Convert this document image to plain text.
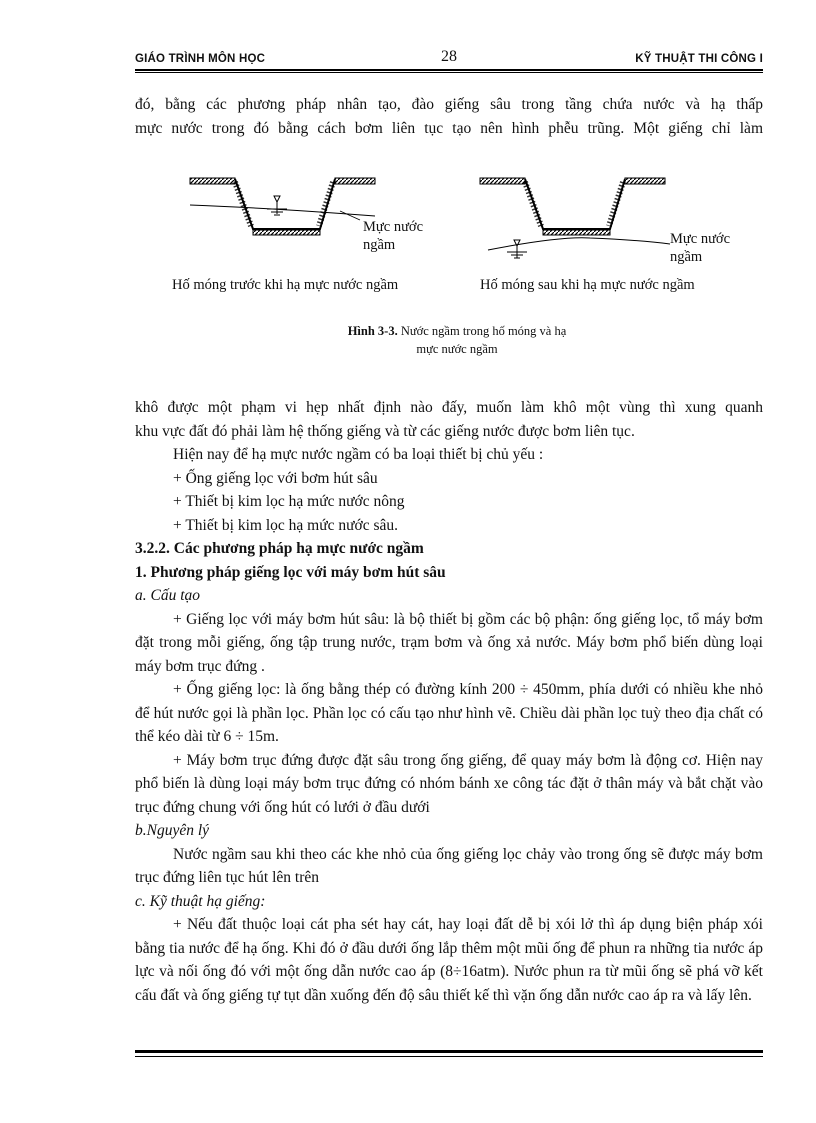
GIÁO TRÌNH MÔN HỌC	28	KỸ THUẬT THI CÔNG I

đó, bằng các phương pháp nhân tạo, đào giếng sâu trong tầng chứa nước và hạ thấp

mực nước trong đó bằng cách bơm liên tục tạo nên hình phễu trũng. Một giếng chỉ làm

Mực nước
ngầm	Mực nước
ngầm
Hố móng trước khi hạ mực nước ngầm	Hố móng sau khi hạ mực nước ngầm
Hình 3-3. Nước ngầm trong hố móng và hạ
mực nước ngầm

khô được một phạm vi hẹp nhất định nào đấy, muốn làm khô một vùng thì xung quanh

khu vực đất đó phải làm hệ thống giếng và từ các giếng nước được bơm liên tục.

Hiện nay để hạ mực nước ngầm có ba loại thiết bị chủ yếu :

+ Ống giếng lọc với bơm hút sâu

+ Thiết bị kim lọc hạ mức nước nông

+ Thiết bị kim lọc hạ mức nước sâu.

3.2.2. Các phương pháp hạ mực nước ngầm

1. Phương pháp giếng lọc với máy bơm hút sâu

a. Cấu tạo

+ Giếng lọc với máy bơm hút sâu: là bộ thiết bị gồm các bộ phận: ống giếng lọc, tổ máy bơm đặt trong mỗi giếng, ống tập trung nước, trạm bơm và ống xả nước. Máy bơm phổ biến dùng loại máy bơm trục đứng .

+ Ống giếng lọc: là ống bằng thép có đường kính 200 ÷ 450mm, phía dưới có nhiều khe nhỏ để hút nước gọi là phần lọc. Phần lọc có cấu tạo như hình vẽ. Chiều dài phần lọc tuỳ theo địa chất có thể kéo dài từ 6 ÷ 15m.

+ Máy bơm trục đứng được đặt sâu trong ống giếng, để quay máy bơm là động cơ. Hiện nay phổ biến là dùng loại máy bơm trục đứng có nhóm bánh xe công tác đặt ở thân máy và bắt chặt vào trục đứng chung với ống hút có lưới ở đầu dưới

b.Nguyên lý

Nước ngầm sau khi theo các khe nhỏ của ống giếng lọc chảy vào trong ống sẽ được máy bơm trục đứng liên tục hút lên trên

c. Kỹ thuật hạ giếng:

+ Nếu đất thuộc loại cát pha sét hay cát, hay loại đất dễ bị xói lở thì áp dụng biện pháp xói bằng tia nước để hạ ống. Khi đó ở đầu dưới ống lắp thêm một mũi ống để phun ra những tia nước áp lực và nối ống đó với một ống dẫn nước cao áp (8÷16atm). Nước phun ra từ mũi ống sẽ phá vỡ kết cấu đất và ống giếng tự tụt dần xuống đến độ sâu thiết kế thì vặn ống dẫn nước cao áp ra và lấy lên.
